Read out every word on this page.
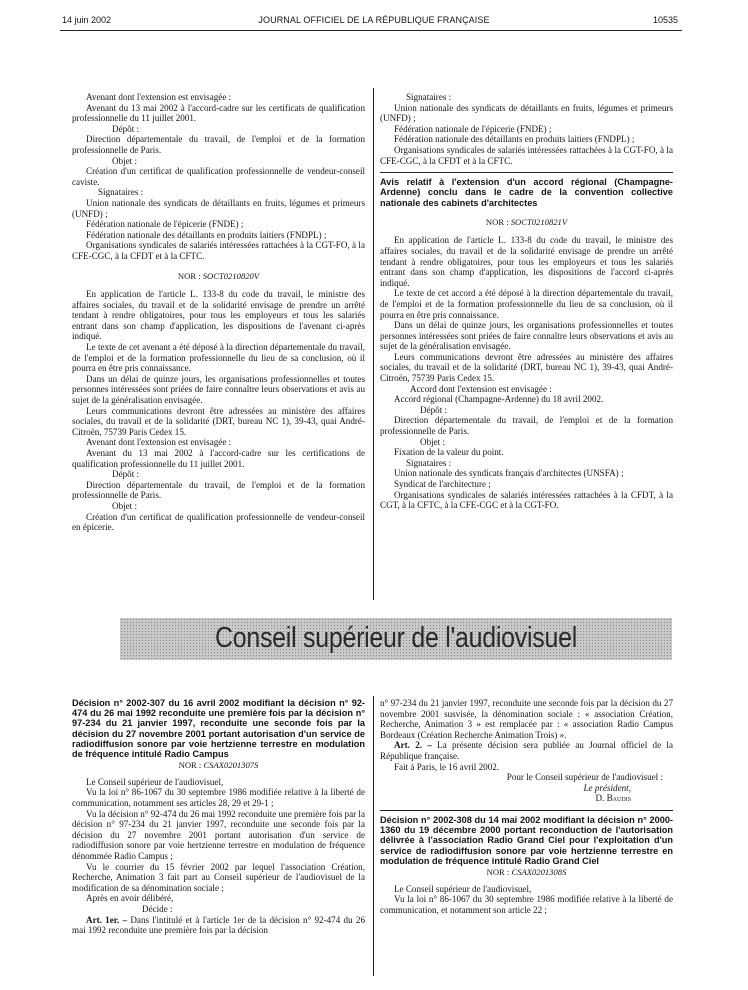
14 juin 2002	JOURNAL OFFICIEL DE LA RÉPUBLIQUE FRANÇAISE	10535

Avenant dont l'extension est envisagée :

Avenant du 13 mai 2002 à l'accord-cadre sur les certificats de qualification professionnelle du 11 juillet 2001.

Dépôt :

Direction départementale du travail, de l'emploi et de la formation professionnelle de Paris.

Objet :

Création d'un certificat de qualification professionnelle de vendeur-conseil caviste.

Signataires :

Union nationale des syndicats de détaillants en fruits, légumes et primeurs (UNFD) ;

Fédération nationale de l'épicerie (FNDE) ;

Fédération nationale des détaillants en produits laitiers (FNDPL) ;

Organisations syndicales de salariés intéressées rattachées à la CGT-FO, à la CFE-CGC, à la CFDT et à la CFTC.

NOR : SOCT0210820V

En application de l'article L. 133-8 du code du travail, le ministre des affaires sociales, du travail et de la solidarité envisage de prendre un arrêté tendant à rendre obligatoires, pour tous les employeurs et tous les salariés entrant dans son champ d'application, les dispositions de l'avenant ci-après indiqué.

Le texte de cet avenant a été déposé à la direction départementale du travail, de l'emploi et de la formation professionnelle du lieu de sa conclusion, où il pourra en être pris connaissance.

Dans un délai de quinze jours, les organisations professionnelles et toutes personnes intéressées sont priées de faire connaître leurs observations et avis au sujet de la généralisation envisagée.

Leurs communications devront être adressées au ministère des affaires sociales, du travail et de la solidarité (DRT, bureau NC 1), 39-43, quai André-Citroën, 75739 Paris Cedex 15.

Avenant dont l'extension est envisagée :

Avenant du 13 mai 2002 à l'accord-cadre sur les certifications de qualification professionnelle du 11 juillet 2001.

Dépôt :

Direction départementale du travail, de l'emploi et de la formation professionnelle de Paris.

Objet :

Création d'un certificat de qualification professionnelle de vendeur-conseil en épicerie.

Signataires :

Union nationale des syndicats de détaillants en fruits, légumes et primeurs (UNFD) ;

Fédération nationale de l'épicerie (FNDE) ;

Fédération nationale des détaillants en produits laitiers (FNDPL) ;

Organisations syndicales de salariés intéressées rattachées à la CGT-FO, à la CFE-CGC, à la CFDT et à la CFTC.

Avis relatif à l'extension d'un accord régional (Champagne-Ardenne) conclu dans le cadre de la convention collective nationale des cabinets d'architectes

NOR : SOCT0210821V

En application de l'article L. 133-8 du code du travail, le ministre des affaires sociales, du travail et de la solidarité envisage de prendre un arrêté tendant à rendre obligatoires, pour tous les employeurs et tous les salariés entrant dans son champ d'application, les dispositions de l'accord ci-après indiqué.

Le texte de cet accord a été déposé à la direction départementale du travail, de l'emploi et de la formation professionnelle du lieu de sa conclusion, où il pourra en être pris connaissance.

Dans un délai de quinze jours, les organisations professionnelles et toutes personnes intéressées sont priées de faire connaître leurs observations et avis au sujet de la généralisation envisagée.

Leurs communications devront être adressées au ministère des affaires sociales, du travail et de la solidarité (DRT, bureau NC 1), 39-43, quai André-Citroën, 75739 Paris Cedex 15.

Accord dont l'extension est envisagée :

Accord régional (Champagne-Ardenne) du 18 avril 2002.

Dépôt :

Direction départementale du travail, de l'emploi et de la formation professionnelle de Paris.

Objet :

Fixation de la valeur du point.

Signataires :

Union nationale des syndicats français d'architectes (UNSFA) ;

Syndicat de l'architecture ;

Organisations syndicales de salariés intéressées rattachées à la CFDT, à la CGT, à la CFTC, à la CFE-CGC et à la CGT-FO.

Conseil supérieur de l'audiovisuel

Décision n° 2002-307 du 16 avril 2002 modifiant la décision n° 92-474 du 26 mai 1992 reconduite une première fois par la décision n° 97-234 du 21 janvier 1997, reconduite une seconde fois par la décision du 27 novembre 2001 portant autorisation d'un service de radiodiffusion sonore par voie hertzienne terrestre en modulation de fréquence intitulé Radio Campus

NOR : CSAX0201307S

Le Conseil supérieur de l'audiovisuel,

Vu la loi n° 86-1067 du 30 septembre 1986 modifiée relative à la liberté de communication, notamment ses articles 28, 29 et 29-1 ;

Vu la décision n° 92-474 du 26 mai 1992 reconduite une première fois par la décision n° 97-234 du 21 janvier 1997, reconduite une seconde fois par la décision du 27 novembre 2001 portant autorisation d'un service de radiodiffusion sonore par voie hertzienne terrestre en modulation de fréquence dénommée Radio Campus ;

Vu le courrier du 15 février 2002 par lequel l'association Création, Recherche, Animation 3 fait part au Conseil supérieur de l'audiovisuel de la modification de sa dénomination sociale ;

Après en avoir délibéré,

Décide :

Art. 1er. – Dans l'intitulé et à l'article 1er de la décision n° 92-474 du 26 mai 1992 reconduite une première fois par la décision

n° 97-234 du 21 janvier 1997, reconduite une seconde fois par la décision du 27 novembre 2001 susvisée, la dénomination sociale : « association Création, Recherche, Animation 3 » est remplacée par : « association Radio Campus Bordeaux (Création Recherche Animation Trois) ».

Art. 2. – La présente décision sera publiée au Journal officiel de la République française.

Fait à Paris, le 16 avril 2002.

Pour le Conseil supérieur de l'audiovisuel :

Le président,

D. Baudis

Décision n° 2002-308 du 14 mai 2002 modifiant la décision n° 2000-1360 du 19 décembre 2000 portant reconduction de l'autorisation délivrée à l'association Radio Grand Ciel pour l'exploitation d'un service de radiodiffusion sonore par voie hertzienne terrestre en modulation de fréquence intitulé Radio Grand Ciel

NOR : CSAX0201308S

Le Conseil supérieur de l'audiovisuel,

Vu la loi n° 86-1067 du 30 septembre 1986 modifiée relative à la liberté de communication, et notamment son article 22 ;
